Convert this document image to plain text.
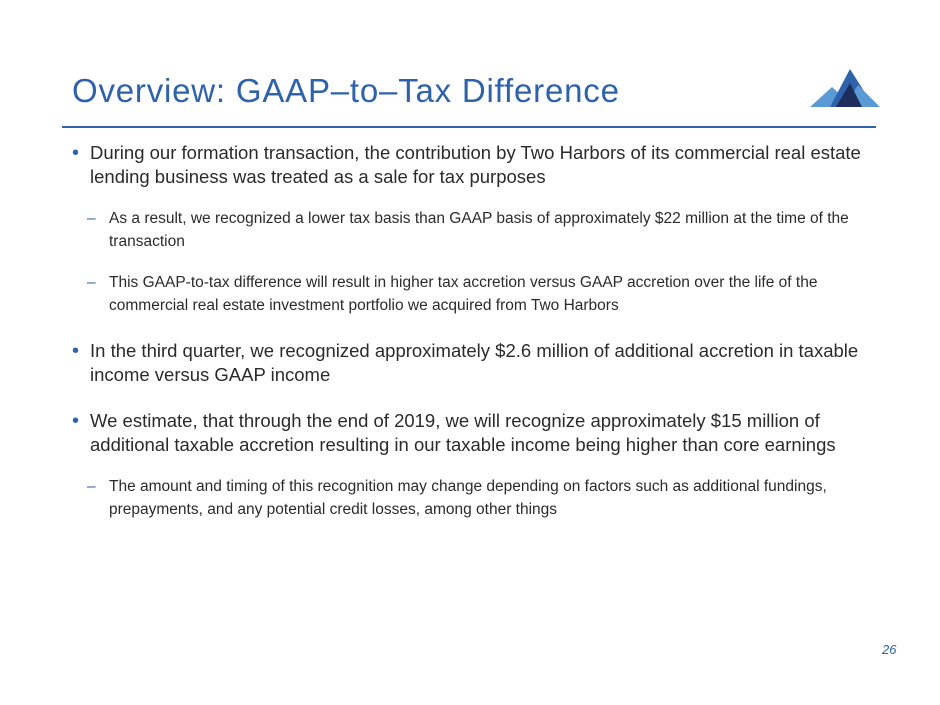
Overview: GAAP–to–Tax Difference
• During our formation transaction, the contribution by Two Harbors of its commercial real estate lending business was treated as a sale for tax purposes
– As a result, we recognized a lower tax basis than GAAP basis of approximately $22 million at the time of the transaction
– This GAAP-to-tax difference will result in higher tax accretion versus GAAP accretion over the life of the commercial real estate investment portfolio we acquired from Two Harbors
• In the third quarter, we recognized approximately $2.6 million of additional accretion in taxable income versus GAAP income
• We estimate, that through the end of 2019, we will recognize approximately $15 million of additional taxable accretion resulting in our taxable income being higher than core earnings
– The amount and timing of this recognition may change depending on factors such as additional fundings, prepayments, and any potential credit losses, among other things
26
